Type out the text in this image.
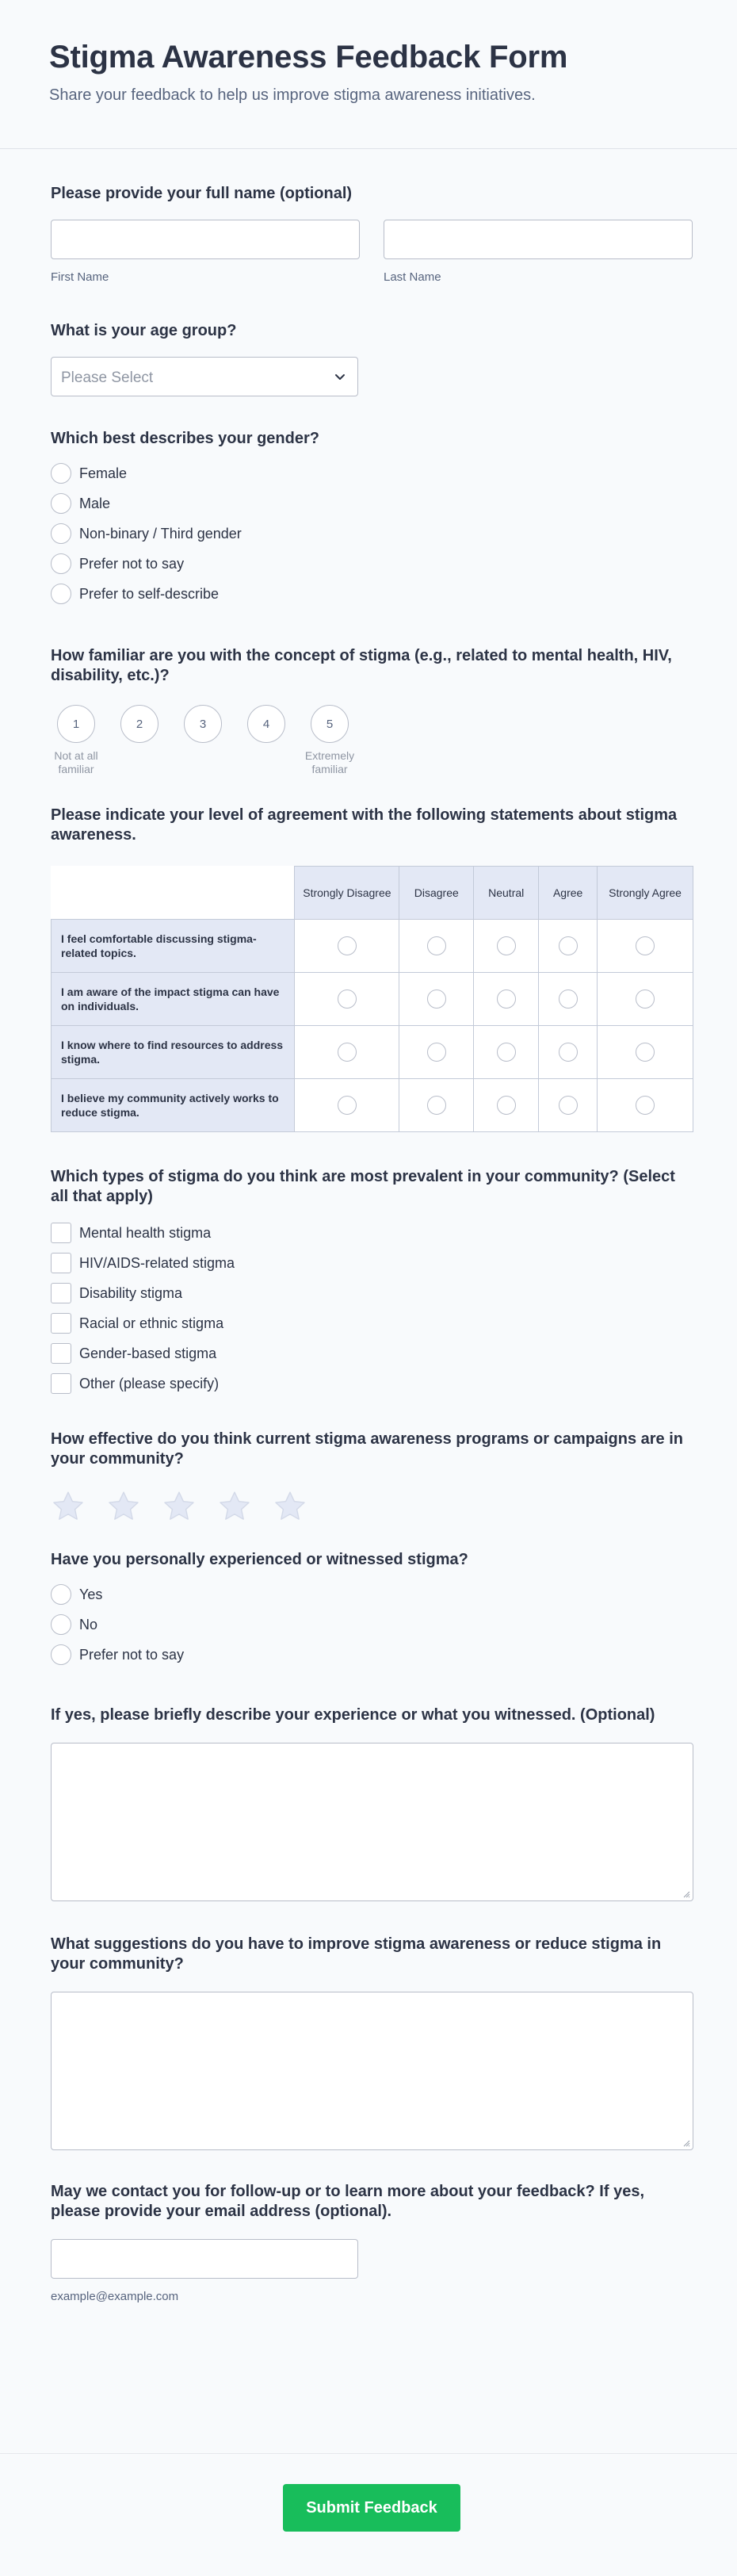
Stigma Awareness Feedback Form
Share your feedback to help us improve stigma awareness initiatives.
Please provide your full name (optional)
First Name	Last Name
What is your age group?
Please Select
Which best describes your gender?
Female
Male
Non-binary / Third gender
Prefer not to say
Prefer to self-describe
How familiar are you with the concept of stigma (e.g., related to mental health, HIV, disability, etc.)?
1
Not at all familiar
2	3	4	5
Extremely familiar
Please indicate your level of agreement with the following statements about stigma awareness.
	Strongly Disagree	Disagree	Neutral	Agree	Strongly Agree
I feel comfortable discussing stigma-related topics.					
I am aware of the impact stigma can have on individuals.					
I know where to find resources to address stigma.					
I believe my community actively works to reduce stigma.					
Which types of stigma do you think are most prevalent in your community? (Select all that apply)
Mental health stigma
HIV/AIDS-related stigma
Disability stigma
Racial or ethnic stigma
Gender-based stigma
Other (please specify)
How effective do you think current stigma awareness programs or campaigns are in your community?
Have you personally experienced or witnessed stigma?
Yes
No
Prefer not to say
If yes, please briefly describe your experience or what you witnessed. (Optional)
What suggestions do you have to improve stigma awareness or reduce stigma in your community?
May we contact you for follow-up or to learn more about your feedback? If yes, please provide your email address (optional).
example@example.com
Submit Feedback
